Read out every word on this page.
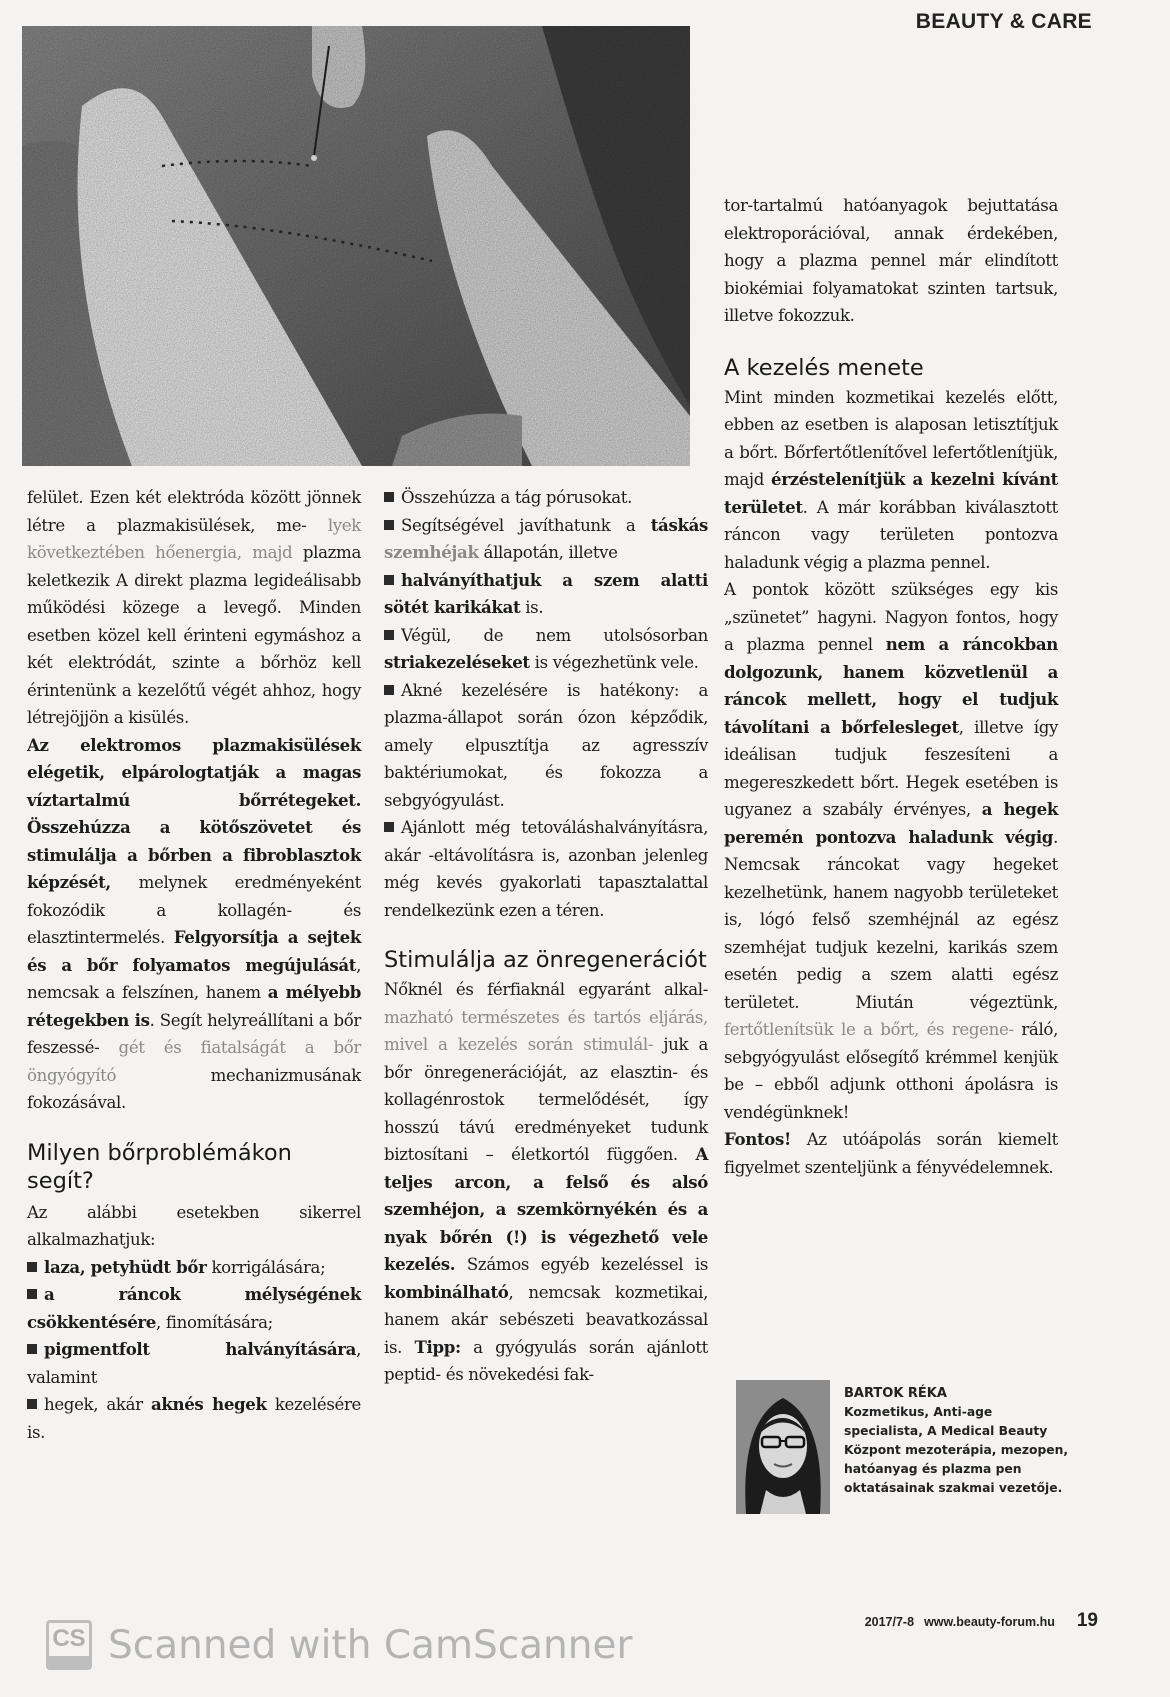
BEAUTY & CARE

felület. Ezen két elektróda között jönnek létre a plazmakisülések, me- lyek következtében hőenergia, majd plazma keletkezik A direkt plazma legideálisabb működési közege a levegő. Minden esetben közel kell érinteni egymáshoz a két elektródát, szinte a bőrhöz kell érintenünk a kezelőtű végét ahhoz, hogy létrejöjjön a kisülés.

Az elektromos plazmakisülések elégetik, elpárologtatják a magas víztartalmú bőrrétegeket. Összehúzza a kötőszövetet és stimulálja a bőrben a fibroblasztok képzését, melynek eredményeként fokozódik a kollagén- és elasztintermelés. Felgyorsítja a sejtek és a bőr folyamatos megújulását, nemcsak a felszínen, hanem a mélyebb rétegekben is. Segít helyreállítani a bőr feszessé- gét és fiatalságát a bőr öngyógyító	mechanizmusának fokozásával.

Milyen bőrproblémákon segít?

Az alábbi esetekben sikerrel alkalmazhatjuk:

laza, petyhüdt bőr korrigálására;

a ráncok mélységének csökkentésére, finomítására;

pigmentfolt halványítására, valamint

hegek, akár aknés hegek kezelésére is.

Összehúzza a tág pórusokat.

Segítségével javíthatunk a táskás szemhéjak állapotán, illetve

halványíthatjuk a szem alatti sötét karikákat is.

Végül, de nem utolsósorban striakezeléseket is végezhetünk vele.

Akné kezelésére is hatékony: a plazma-állapot során ózon képződik, amely elpusztítja az agresszív baktériumokat, és fokozza a sebgyógyulást.

Ajánlott még tetováláshalványításra, akár -eltávolításra is, azonban jelenleg még kevés gyakorlati tapasztalattal rendelkezünk ezen a téren.

Stimulálja az önregenerációt

Nőknél és férfiaknál egyaránt alkal- mazható természetes és tartós eljárás, mivel a kezelés során stimulál- juk a bőr önregenerációját, az elasztin- és kollagénrostok termelődését, így hosszú távú eredményeket tudunk biztosítani – életkortól függően. A teljes arcon, a felső és alsó szemhéjon, a szemkörnyékén és a nyak bőrén (!) is végezhető vele kezelés. Számos egyéb kezeléssel is kombinálható, nemcsak kozmetikai, hanem akár sebészeti beavatkozással is. Tipp: a gyógyulás során ajánlott peptid- és növekedési fak-

tor-tartalmú hatóanyagok bejuttatása elektroporációval, annak érdekében, hogy a plazma pennel már elindított biokémiai folyamatokat szinten tartsuk, illetve fokozzuk.

A kezelés menete

Mint minden kozmetikai kezelés előtt, ebben az esetben is alaposan letisztítjuk a bőrt. Bőrfertőtlenítővel lefertőtlenítjük, majd érzéstelenítjük a kezelni kívánt területet. A már korábban kiválasztott ráncon vagy területen pontozva haladunk végig a plazma pennel.

A pontok között szükséges egy kis „szünetet” hagyni. Nagyon fontos, hogy a plazma pennel nem a ráncokban dolgozunk, hanem közvetlenül a ráncok mellett, hogy el tudjuk távolítani a bőrfelesleget, illetve így ideálisan tudjuk feszesíteni a megereszkedett bőrt. Hegek esetében is ugyanez a szabály érvényes, a hegek peremén pontozva haladunk végig. Nemcsak ráncokat vagy hegeket kezelhetünk, hanem nagyobb területeket is, lógó felső szemhéjnál az egész szemhéjat tudjuk kezelni, karikás szem esetén pedig a szem alatti egész területet. Miután végeztünk, fertőtlenítsük le a bőrt, és regene- ráló, sebgyógyulást elősegítő krémmel kenjük be – ebből adjunk otthoni ápolásra is vendégünknek!

Fontos! Az utóápolás során kiemelt figyelmet szenteljünk a fényvédelemnek.

BARTOK RÉKA
Kozmetikus, Anti-age specialista, A Medical Beauty Központ mezoterápia, mezopen, hatóanyag és plazma pen oktatásainak szakmai vezetője.
2017/7-8 www.beauty-forum.hu 19
CS Scanned with CamScanner
